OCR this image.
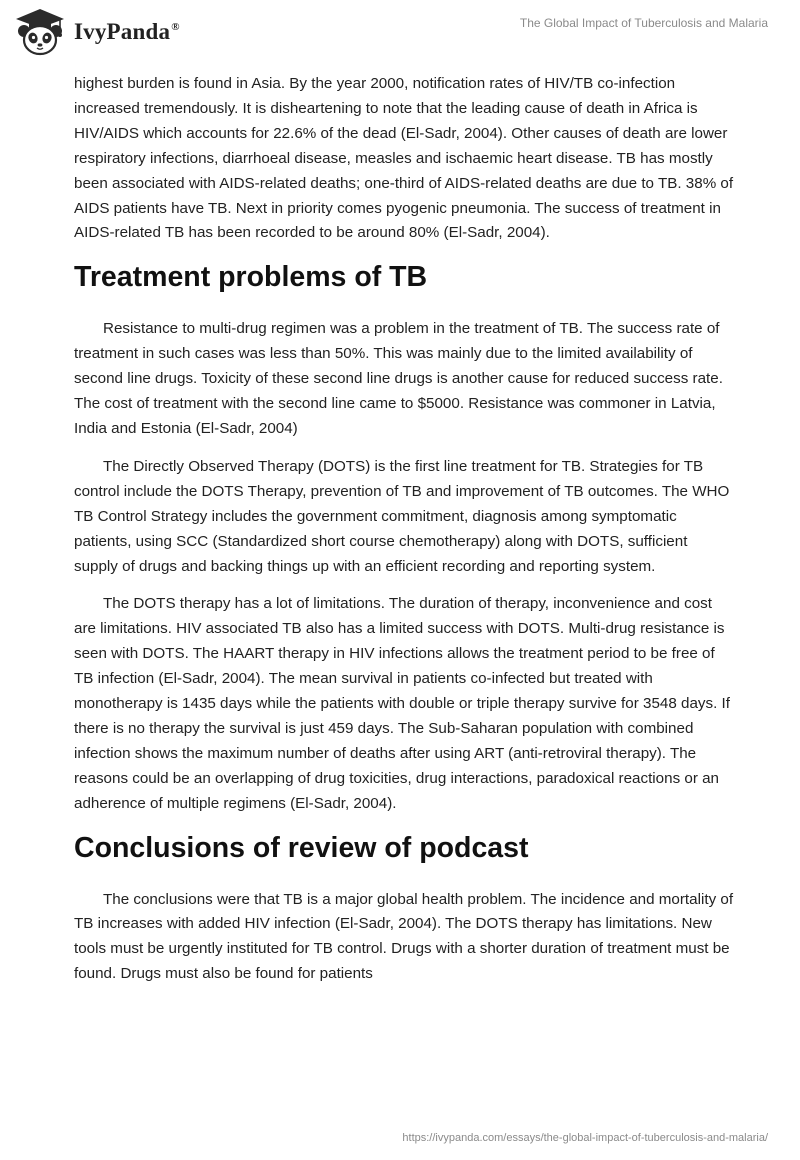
IvyPanda®	The Global Impact of Tuberculosis and Malaria

highest burden is found in Asia. By the year 2000, notification rates of HIV/TB co-infection increased tremendously. It is disheartening to note that the leading cause of death in Africa is HIV/AIDS which accounts for 22.6% of the dead (El-Sadr, 2004). Other causes of death are lower respiratory infections, diarrhoeal disease, measles and ischaemic heart disease. TB has mostly been associated with AIDS-related deaths; one-third of AIDS-related deaths are due to TB. 38% of AIDS patients have TB. Next in priority comes pyogenic pneumonia. The success of treatment in AIDS-related TB has been recorded to be around 80% (El-Sadr, 2004).

Treatment problems of TB

Resistance to multi-drug regimen was a problem in the treatment of TB. The success rate of treatment in such cases was less than 50%. This was mainly due to the limited availability of second line drugs. Toxicity of these second line drugs is another cause for reduced success rate. The cost of treatment with the second line came to $5000. Resistance was commoner in Latvia, India and Estonia (El-Sadr, 2004)

The Directly Observed Therapy (DOTS) is the first line treatment for TB. Strategies for TB control include the DOTS Therapy, prevention of TB and improvement of TB outcomes. The WHO TB Control Strategy includes the government commitment, diagnosis among symptomatic patients, using SCC (Standardized short course chemotherapy) along with DOTS, sufficient supply of drugs and backing things up with an efficient recording and reporting system.

The DOTS therapy has a lot of limitations. The duration of therapy, inconvenience and cost are limitations. HIV associated TB also has a limited success with DOTS. Multi-drug resistance is seen with DOTS. The HAART therapy in HIV infections allows the treatment period to be free of TB infection (El-Sadr, 2004). The mean survival in patients co-infected but treated with monotherapy is 1435 days while the patients with double or triple therapy survive for 3548 days. If there is no therapy the survival is just 459 days. The Sub-Saharan population with combined infection shows the maximum number of deaths after using ART (anti-retroviral therapy). The reasons could be an overlapping of drug toxicities, drug interactions, paradoxical reactions or an adherence of multiple regimens (El-Sadr, 2004).

Conclusions of review of podcast

The conclusions were that TB is a major global health problem. The incidence and mortality of TB increases with added HIV infection (El-Sadr, 2004). The DOTS therapy has limitations. New tools must be urgently instituted for TB control. Drugs with a shorter duration of treatment must be found. Drugs must also be found for patients

https://ivypanda.com/essays/the-global-impact-of-tuberculosis-and-malaria/
